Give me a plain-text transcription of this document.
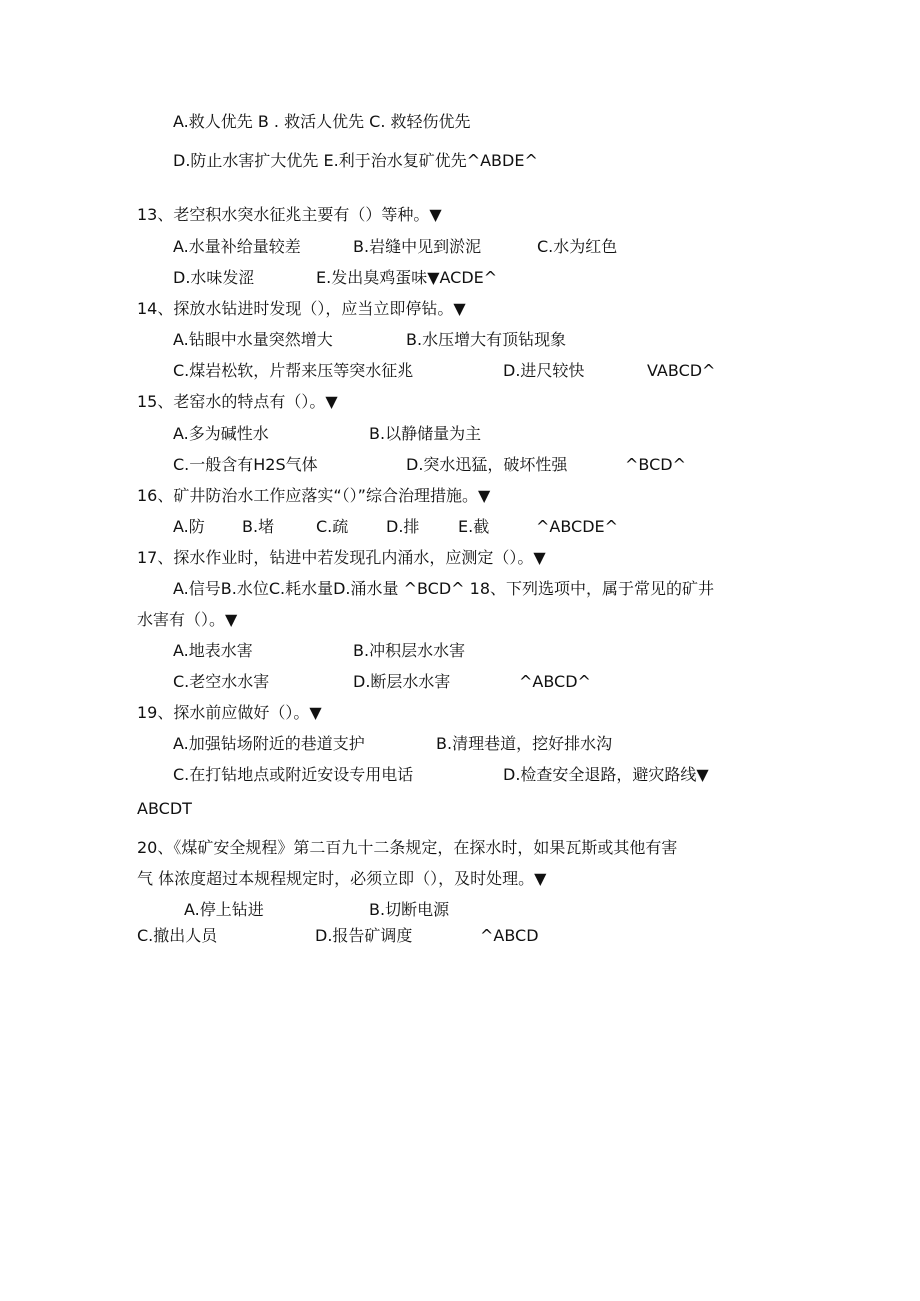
A.救人优先 B . 救活人优先 C. 救轻伤优先
D.防止水害扩大优先 E.利于治水复矿优先^ABDE^
13、老空积水突水征兆主要有（）等种。▼
A.水量补给量较差	B.岩缝中见到淤泥	C.水为红色
D.水味发涩	E.发出臭鸡蛋味▼ACDE^
14、探放水钻进时发现（），应当立即停钻。▼
A.钻眼中水量突然增大	B.水压增大有顶钻现象
C.煤岩松软，片帮来压等突水征兆	D.进尺较快	VABCD^
15、老窑水的特点有（）。▼
A.多为碱性水	B.以静储量为主
C.一般含有H2S气体	D.突水迅猛，破坏性强	^BCD^
16、矿井防治水工作应落实“（）”综合治理措施。▼
A.防 B.堵	C.疏 D.排 E.截	^ABCDE^
17、探水作业时，钻进中若发现孔内涌水，应测定（）。▼
A.信号B.水位C.耗水量D.涌水量 ^BCD^ 18、下列选项中，属于常见的矿井
水害有（）。▼
A.地表水害	B.冲积层水水害
C.老空水水害	D.断层水水害	^ABCD^
19、探水前应做好（）。▼
A.加强钻场附近的巷道支护	B.清理巷道，挖好排水沟
C.在打钻地点或附近安设专用电话	D.检查安全退路，避灾路线▼
ABCDT
20、《煤矿安全规程》第二百九十二条规定，在探水时，如果瓦斯或其他有害
气 体浓度超过本规程规定时，必须立即（），及时处理。▼
A.停上钻进	B.切断电源
C.撤出人员	D.报告矿调度	^ABCD
